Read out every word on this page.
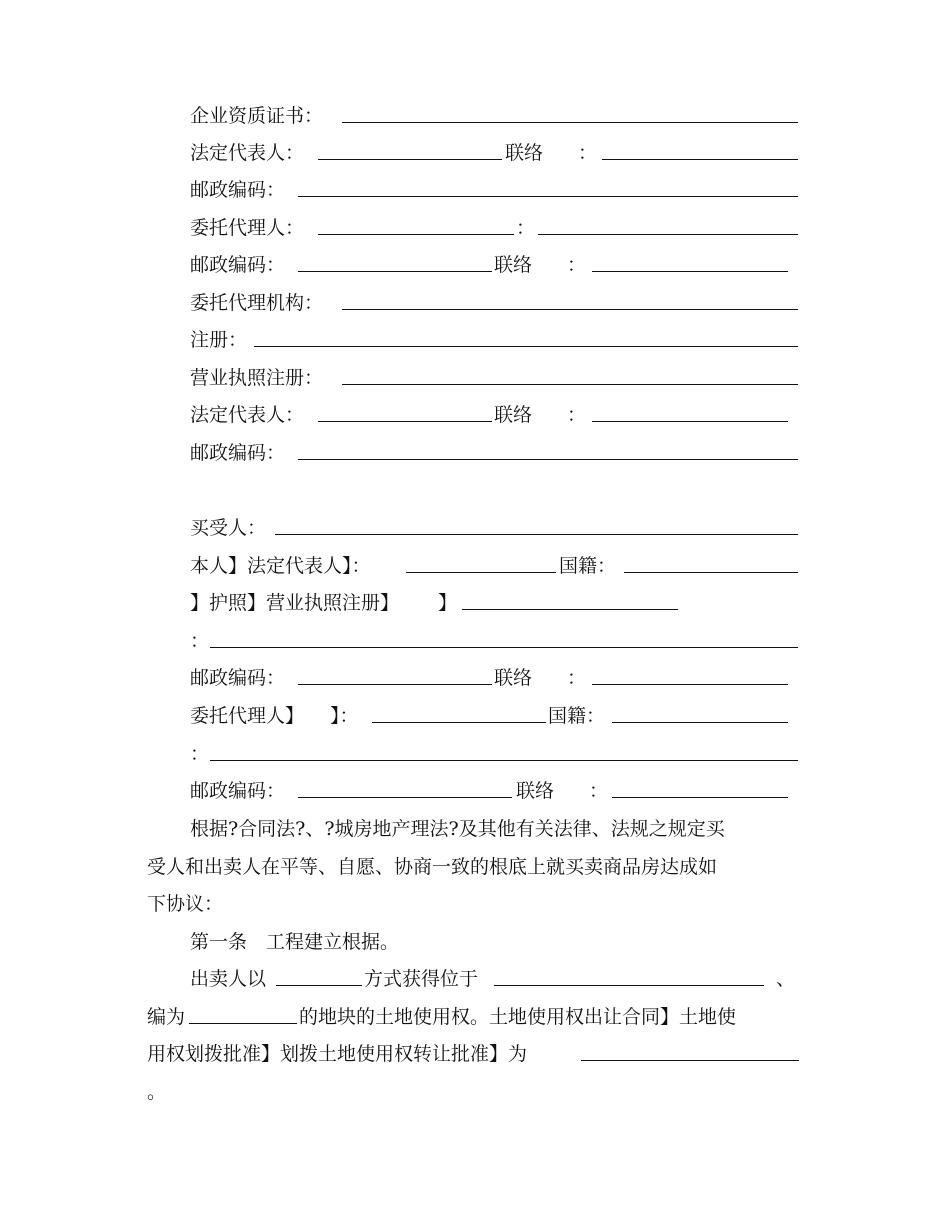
企业资质证书：
法定代表人：	联络 ：
邮政编码：
委托代理人：	：
邮政编码：	联络 ：
委托代理机构：
注册：
营业执照注册：
法定代表人：	联络 ：
邮政编码：
买受人：
本人】法定代表人】：	国籍：
】护照】营业执照注册】 】
：
邮政编码：	联络 ：
委托代理人】 】：	国籍：
：
邮政编码：	联络 ：
根据?合同法?、?城房地产理法?及其他有关法律、法规之规定买
受人和出卖人在平等、自愿、协商一致的根底上就买卖商品房达成如
下协议：
第一条　工程建立根据。
出卖人以	方式获得位于	、
编为	的地块的土地使用权。土地使用权出让合同】土地使
用权划拨批准】划拨土地使用权转让批准】为
。
